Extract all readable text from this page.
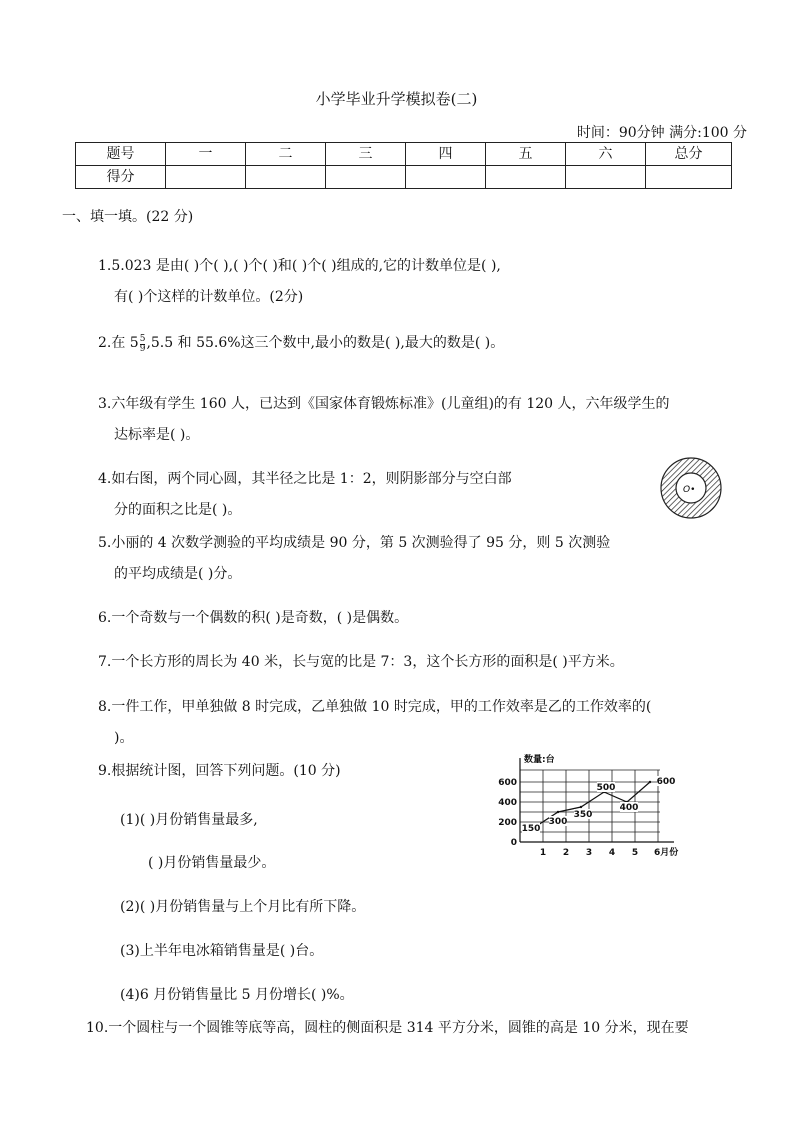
小学毕业升学模拟卷(二)
时间：90分钟 满分:100 分
题号	一	二	三	四	五	六	总分
得分							
一、填一填。(22 分)
1.5.023 是由( )个( ),( )个( )和( )个( )组成的,它的计数单位是( ),
有( )个这样的计数单位。(2分)
2.在 $5 \frac{5}{9} ,5.5$ 和 55.6%这三个数中,最小的数是( ),最大的数是( )。
3.六年级有学生 160 人，已达到《国家体育锻炼标准》(儿童组)的有 120 人，六年级学生的
达标率是( )。
4.如右图，两个同心圆，其半径之比是 1：2，则阴影部分与空白部
分的面积之比是( )。
O•
5.小丽的 4 次数学测验的平均成绩是 90 分，第 5 次测验得了 95 分，则 5 次测验
的平均成绩是( )分。
6.一个奇数与一个偶数的积( )是奇数，( )是偶数。
7.一个长方形的周长为 40 米，长与宽的比是 7：3，这个长方形的面积是( )平方米。
8.一件工作，甲单独做 8 时完成，乙单独做 10 时完成，甲的工作效率是乙的工作效率的(
)。
9.根据统计图，回答下列问题。(10 分)
(1)( )月份销售量最多,
( )月份销售量最少。
(2)( )月份销售量与上个月比有所下降。
(3)上半年电冰箱销售量是( )台。
(4)6 月份销售量比 5 月份增长( )%。
10.一个圆柱与一个圆锥等底等高，圆柱的侧面积是 314 平方分米，圆锥的高是 10 分米，现在要
数量:台
0
200
400
600
1 2 3 4 5 6月份
150
300
350
500
400
600
